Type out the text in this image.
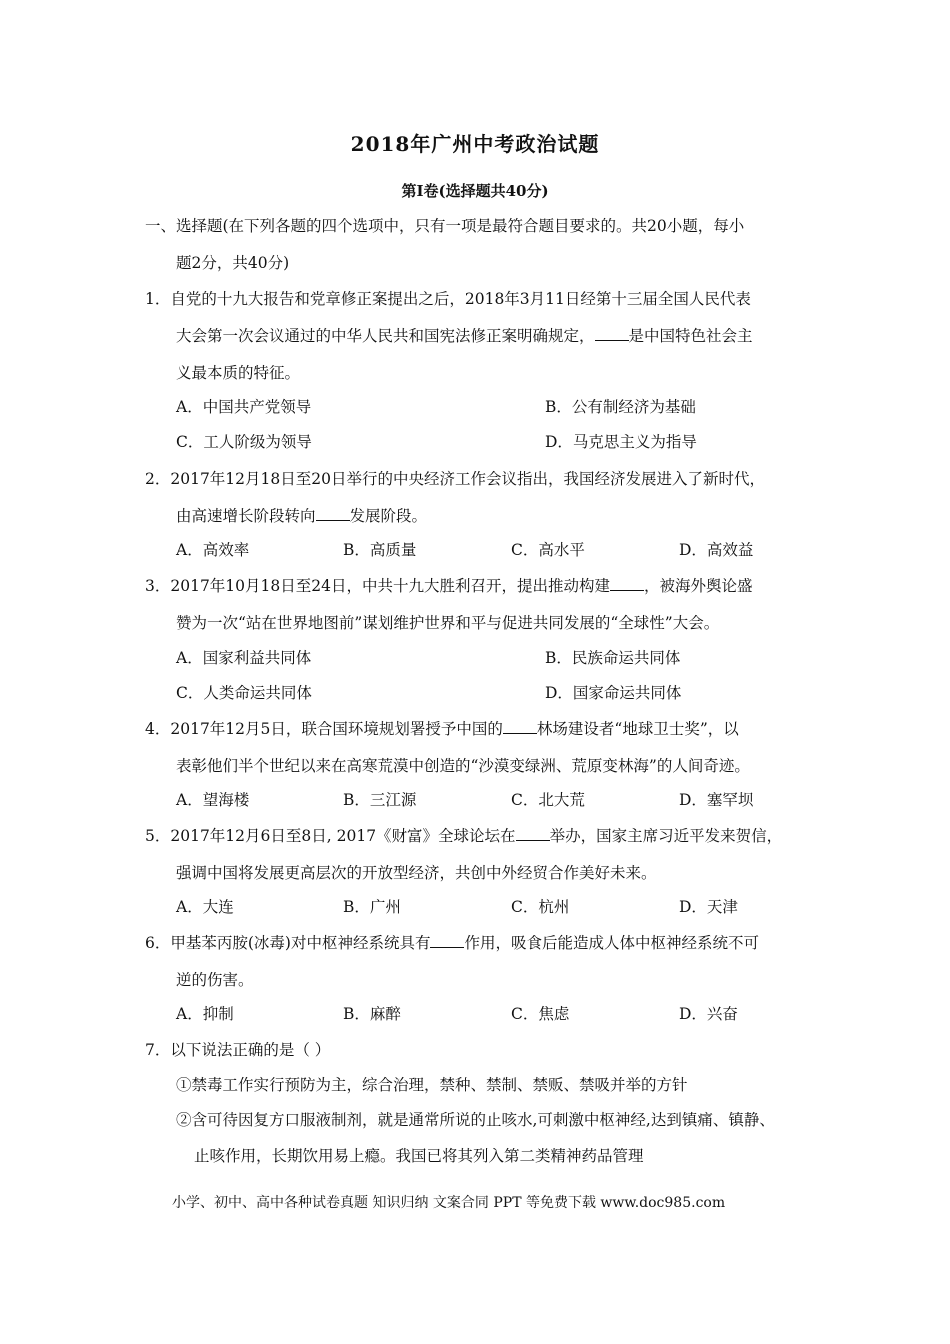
2018年广州中考政治试题
第Ⅰ卷(选择题共40分)
一、选择题(在下列各题的四个选项中，只有一项是最符合题目要求的。共20小题，每小
题2分，共40分)
1．自党的十九大报告和党章修正案提出之后，2018年3月11日经第十三届全国人民代表
大会第一次会议通过的中华人民共和国宪法修正案明确规定， 是中国特色社会主
义最本质的特征。
A．中国共产党领导	B．公有制经济为基础
C．工人阶级为领导	D．马克思主义为指导
2．2017年12月18日至20日举行的中央经济工作会议指出，我国经济发展进入了新时代，
由高速增长阶段转向 发展阶段。
A．高效率	B．高质量	C．高水平	D．高效益
3．2017年10月18日至24日，中共十九大胜利召开，提出推动构建 ，被海外舆论盛
赞为一次“站在世界地图前”谋划维护世界和平与促进共同发展的“全球性”大会。
A．国家利益共同体	B．民族命运共同体
C．人类命运共同体	D．国家命运共同体
4．2017年12月5日，联合国环境规划署授予中国的 林场建设者“地球卫士奖”，以
表彰他们半个世纪以来在高寒荒漠中创造的“沙漠变绿洲、荒原变林海”的人间奇迹。
A．望海楼	B．三江源	C．北大荒	D．塞罕坝
5．2017年12月6日至8日, 2017《财富》全球论坛在 举办，国家主席习近平发来贺信，
强调中国将发展更高层次的开放型经济，共创中外经贸合作美好未来。
A．大连	B．广州	C．杭州	D．天津
6．甲基苯丙胺(冰毒)对中枢神经系统具有 作用，吸食后能造成人体中枢神经系统不可
逆的伤害。
A．抑制	B．麻醉	C．焦虑	D．兴奋
7．以下说法正确的是（ ）
①禁毒工作实行预防为主，综合治理，禁种、禁制、禁贩、禁吸并举的方针
②含可待因复方口服液制剂，就是通常所说的止咳水,可刺激中枢神经,达到镇痛、镇静、
止咳作用，长期饮用易上瘾。我国已将其列入第二类精神药品管理
小学、初中、高中各种试卷真题 知识归纳 文案合同 PPT 等免费下载 www.doc985.com
